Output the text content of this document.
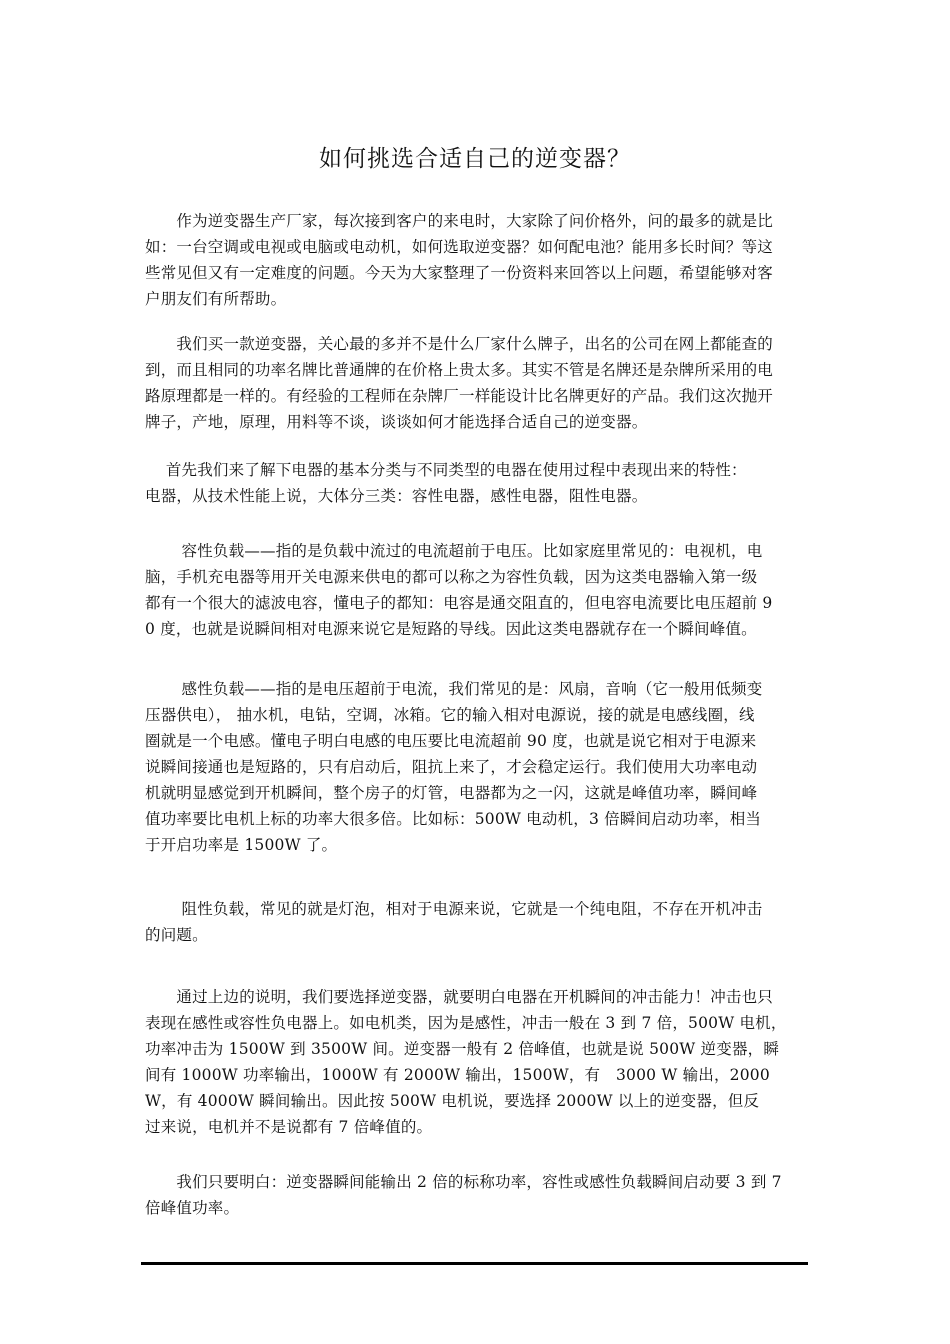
如何挑选合适自己的逆变器？
　　作为逆变器生产厂家，每次接到客户的来电时，大家除了问价格外，问的最多的就是比
如：一台空调或电视或电脑或电动机，如何选取逆变器？如何配电池？能用多长时间？等这
些常见但又有一定难度的问题。今天为大家整理了一份资料来回答以上问题，希望能够对客
户朋友们有所帮助。
　　我们买一款逆变器，关心最的多并不是什么厂家什么牌子，出名的公司在网上都能查的
到，而且相同的功率名牌比普通牌的在价格上贵太多。其实不管是名牌还是杂牌所采用的电
路原理都是一样的。有经验的工程师在杂牌厂一样能设计比名牌更好的产品。我们这次抛开
牌子，产地，原理，用料等不谈，谈谈如何才能选择合适自己的逆变器。
　 首先我们来了解下电器的基本分类与不同类型的电器在使用过程中表现出来的特性：
电器，从技术性能上说，大体分三类：容性电器，感性电器，阻性电器。
　　 容性负载——指的是负载中流过的电流超前于电压。比如家庭里常见的：电视机，电
脑，手机充电器等用开关电源来供电的都可以称之为容性负载，因为这类电器输入第一级
都有一个很大的滤波电容，懂电子的都知：电容是通交阻直的，但电容电流要比电压超前 9
0 度，也就是说瞬间相对电源来说它是短路的导线。因此这类电器就存在一个瞬间峰值。
　　 感性负载——指的是电压超前于电流，我们常见的是：风扇，音响（它一般用低频变
压器供电）， 抽水机，电钻，空调，冰箱。它的输入相对电源说，接的就是电感线圈，线
圈就是一个电感。懂电子明白电感的电压要比电流超前 90 度，也就是说它相对于电源来
说瞬间接通也是短路的，只有启动后，阻抗上来了，才会稳定运行。我们使用大功率电动
机就明显感觉到开机瞬间，整个房子的灯管，电器都为之一闪，这就是峰值功率，瞬间峰
值功率要比电机上标的功率大很多倍。比如标：500W 电动机，3 倍瞬间启动功率，相当
于开启功率是 1500W 了。
　　 阻性负载，常见的就是灯泡，相对于电源来说，它就是一个纯电阻，不存在开机冲击
的问题。
　　通过上边的说明，我们要选择逆变器，就要明白电器在开机瞬间的冲击能力！冲击也只
表现在感性或容性负电器上。如电机类，因为是感性，冲击一般在 3 到 7 倍，500W 电机，
功率冲击为 1500W 到 3500W 间。逆变器一般有 2 倍峰值，也就是说 500W 逆变器，瞬
间有 1000W 功率输出，1000W 有 2000W 输出，1500W，有　3000 W 输出，2000
W，有 4000W 瞬间输出。因此按 500W 电机说，要选择 2000W 以上的逆变器，但反
过来说，电机并不是说都有 7 倍峰值的。
　　我们只要明白：逆变器瞬间能输出 2 倍的标称功率，容性或感性负载瞬间启动要 3 到 7
倍峰值功率。
